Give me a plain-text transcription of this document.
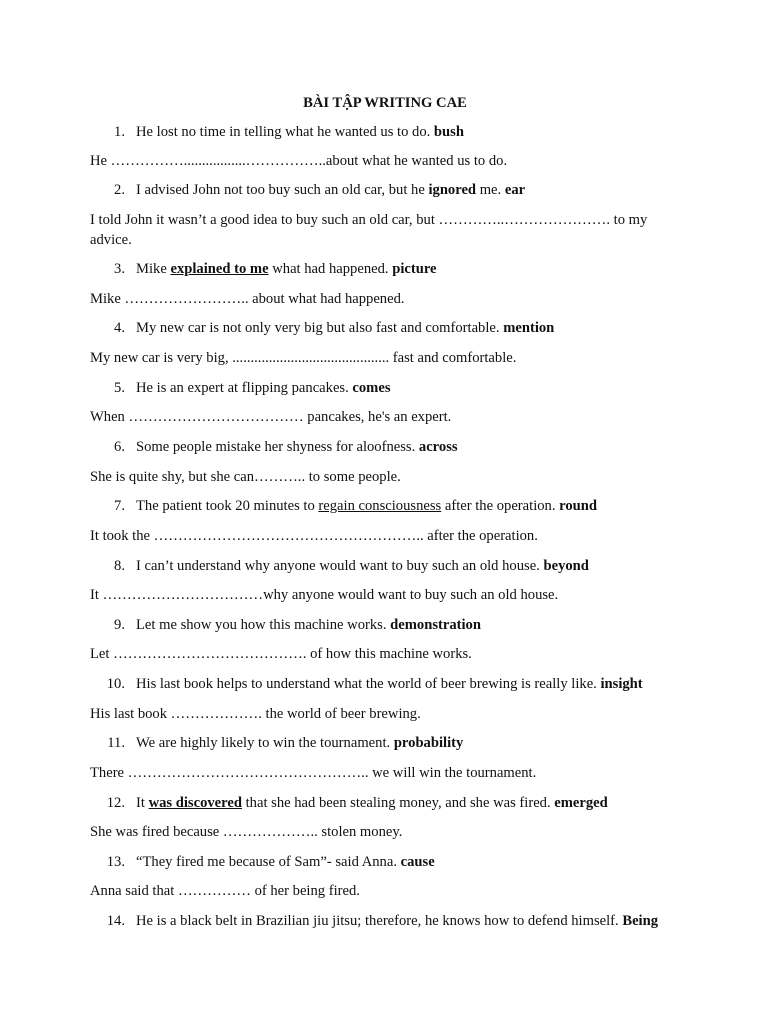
BÀI TẬP WRITING CAE
1. He lost no time in telling what he wanted us to do. bush
He …………….................……………..about what he wanted us to do.
2. I advised John not too buy such an old car, but he ignored me. ear
I told John it wasn’t a good idea to buy such an old car, but …………..…………………. to my advice.
3. Mike explained to me what had happened. picture
Mike …………………….. about what had happened.
4. My new car is not only very big but also fast and comfortable. mention
My new car is very big, ........................................... fast and comfortable.
5. He is an expert at flipping pancakes. comes
When ……………………………… pancakes, he's an expert.
6. Some people mistake her shyness for aloofness. across
She is quite shy, but she can……….. to some people.
7. The patient took 20 minutes to regain consciousness after the operation. round
It took the ……………………………………………….. after the operation.
8. I can’t understand why anyone would want to buy such an old house. beyond
It ……………………………why anyone would want to buy such an old house.
9. Let me show you how this machine works. demonstration
Let …………………………………. of how this machine works.
10. His last book helps to understand what the world of beer brewing is really like. insight
His last book ………………. the world of beer brewing.
11. We are highly likely to win the tournament. probability
There ………………………………………….. we will win the tournament.
12. It was discovered that she had been stealing money, and she was fired. emerged
She was fired because ……………….. stolen money.
13. “They fired me because of Sam”- said Anna. cause
Anna said that …………… of her being fired.
14. He is a black belt in Brazilian jiu jitsu; therefore, he knows how to defend himself. Being
